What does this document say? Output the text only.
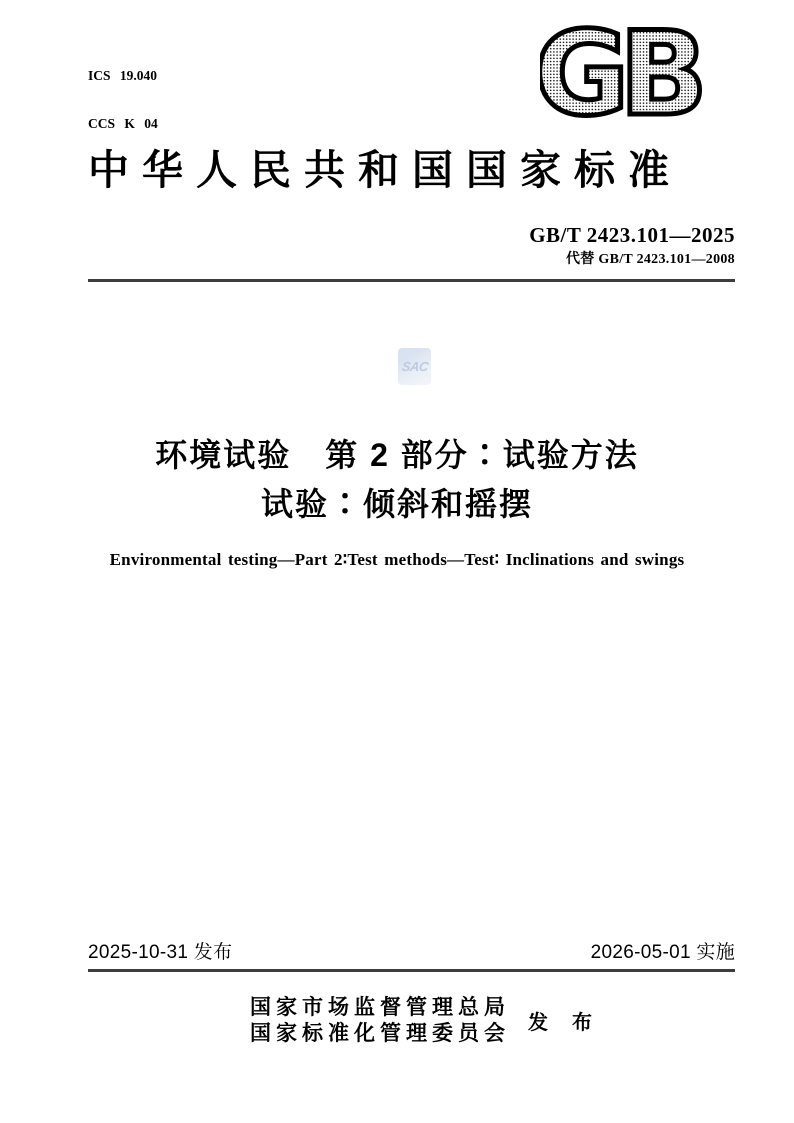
ICS 19.040

CCS K 04

	GB
中华人民共和国国家标准
GB/T 2423.101—2025
代替 GB/T 2423.101—2008
SAC
环境试验　第 2 部分∶试验方法
试验∶倾斜和摇摆
Environmental testing—Part 2∶Test methods—Test∶ Inclinations and swings
2025-10-31 发布	2026-05-01 实施
国家市场监督管理总局
国家标准化管理委员会 发　布
